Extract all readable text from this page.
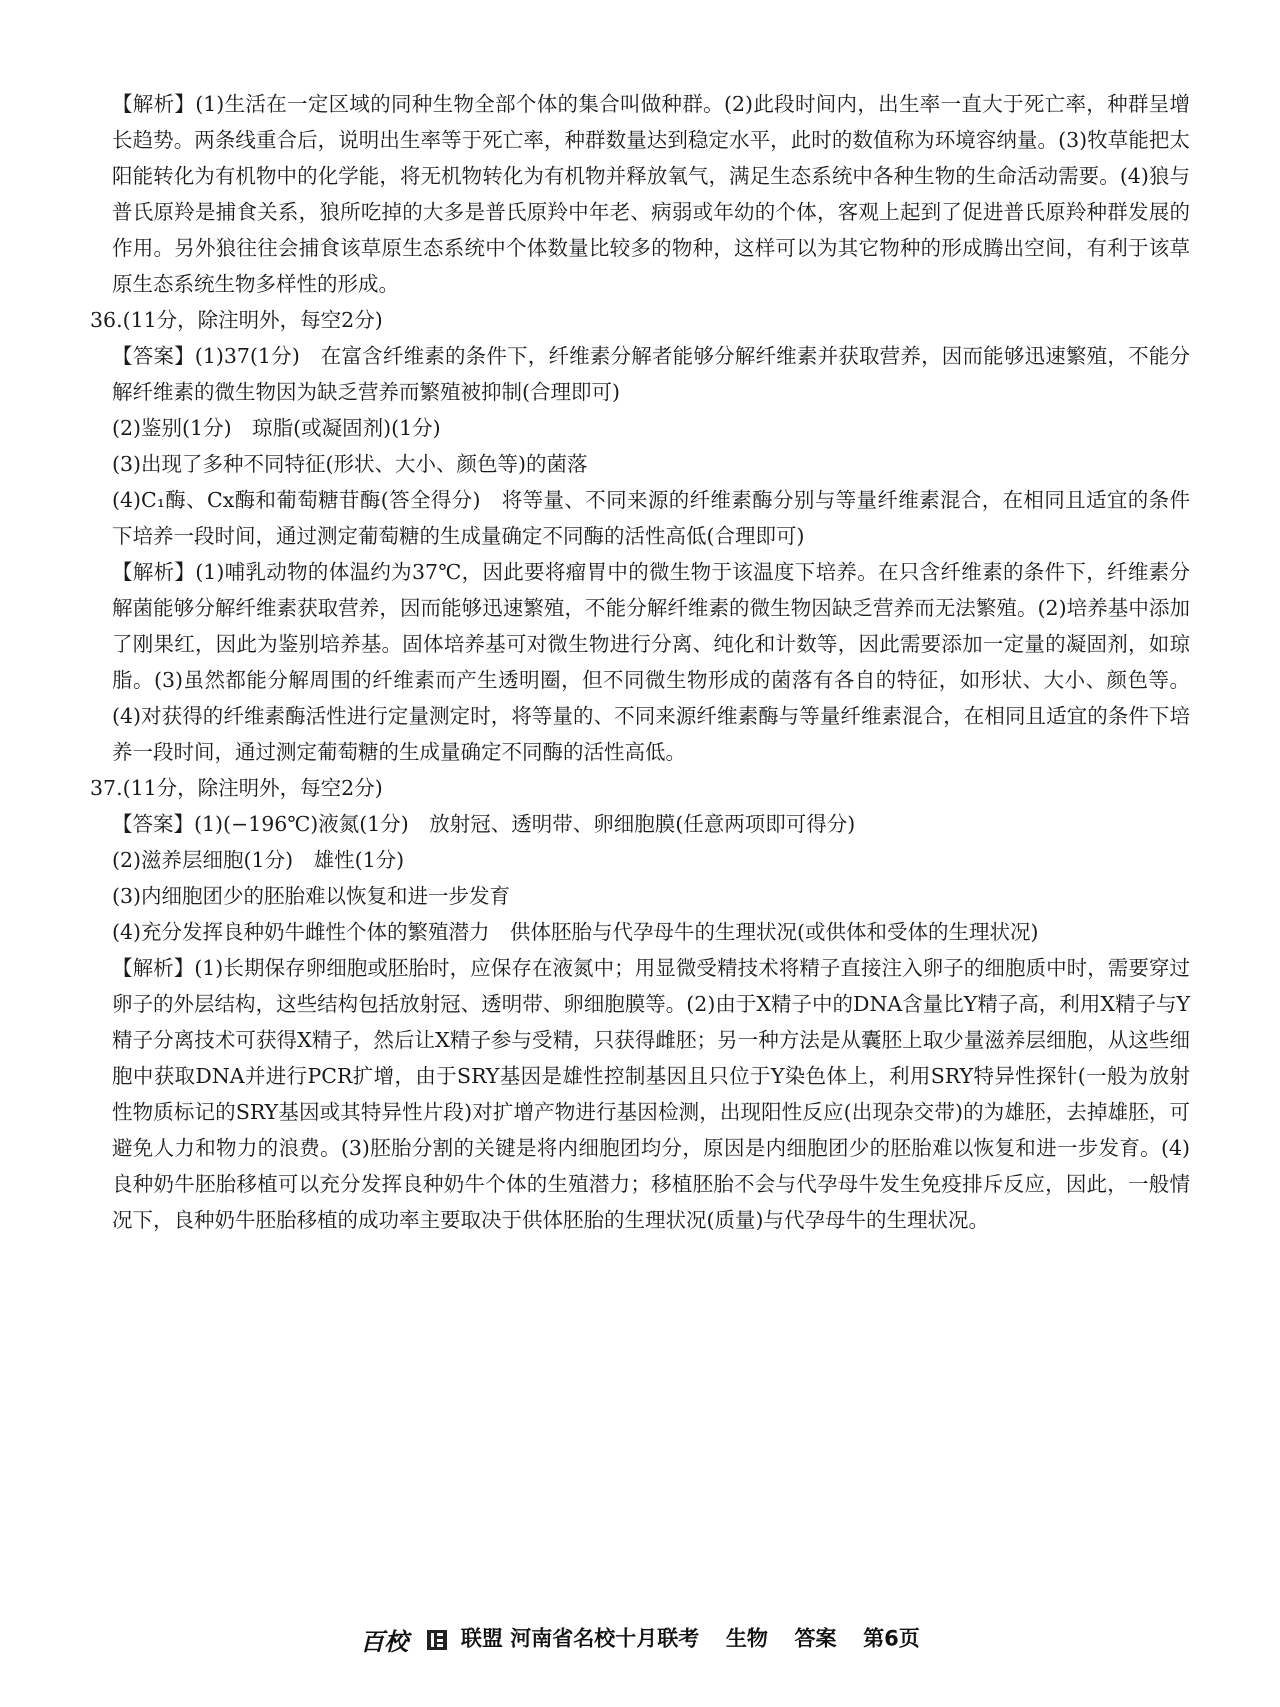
【解析】(1)生活在一定区域的同种生物全部个体的集合叫做种群。(2)此段时间内，出生率一直大于死亡率，种群呈增长趋势。两条线重合后，说明出生率等于死亡率，种群数量达到稳定水平，此时的数值称为环境容纳量。(3)牧草能把太阳能转化为有机物中的化学能，将无机物转化为有机物并释放氧气，满足生态系统中各种生物的生命活动需要。(4)狼与普氏原羚是捕食关系，狼所吃掉的大多是普氏原羚中年老、病弱或年幼的个体，客观上起到了促进普氏原羚种群发展的作用。另外狼往往会捕食该草原生态系统中个体数量比较多的物种，这样可以为其它物种的形成腾出空间，有利于该草原生态系统生物多样性的形成。

36.(11分，除注明外，每空2分)

【答案】(1)37(1分)　在富含纤维素的条件下，纤维素分解者能够分解纤维素并获取营养，因而能够迅速繁殖，不能分解纤维素的微生物因为缺乏营养而繁殖被抑制(合理即可)

(2)鉴别(1分)　琼脂(或凝固剂)(1分)

(3)出现了多种不同特征(形状、大小、颜色等)的菌落

(4)C₁酶、Cx酶和葡萄糖苷酶(答全得分)　将等量、不同来源的纤维素酶分别与等量纤维素混合，在相同且适宜的条件下培养一段时间，通过测定葡萄糖的生成量确定不同酶的活性高低(合理即可)

【解析】(1)哺乳动物的体温约为37℃，因此要将瘤胃中的微生物于该温度下培养。在只含纤维素的条件下，纤维素分解菌能够分解纤维素获取营养，因而能够迅速繁殖，不能分解纤维素的微生物因缺乏营养而无法繁殖。(2)培养基中添加了刚果红，因此为鉴别培养基。固体培养基可对微生物进行分离、纯化和计数等，因此需要添加一定量的凝固剂，如琼脂。(3)虽然都能分解周围的纤维素而产生透明圈，但不同微生物形成的菌落有各自的特征，如形状、大小、颜色等。(4)对获得的纤维素酶活性进行定量测定时，将等量的、不同来源纤维素酶与等量纤维素混合，在相同且适宜的条件下培养一段时间，通过测定葡萄糖的生成量确定不同酶的活性高低。

37.(11分，除注明外，每空2分)

【答案】(1)(−196℃)液氮(1分)　放射冠、透明带、卵细胞膜(任意两项即可得分)

(2)滋养层细胞(1分)　雄性(1分)

(3)内细胞团少的胚胎难以恢复和进一步发育

(4)充分发挥良种奶牛雌性个体的繁殖潜力　供体胚胎与代孕母牛的生理状况(或供体和受体的生理状况)

【解析】(1)长期保存卵细胞或胚胎时，应保存在液氮中；用显微受精技术将精子直接注入卵子的细胞质中时，需要穿过卵子的外层结构，这些结构包括放射冠、透明带、卵细胞膜等。(2)由于X精子中的DNA含量比Y精子高，利用X精子与Y精子分离技术可获得X精子，然后让X精子参与受精，只获得雌胚；另一种方法是从囊胚上取少量滋养层细胞，从这些细胞中获取DNA并进行PCR扩增，由于SRY基因是雄性控制基因且只位于Y染色体上，利用SRY特异性探针(一般为放射性物质标记的SRY基因或其特异性片段)对扩增产物进行基因检测，出现阳性反应(出现杂交带)的为雄胚，去掉雄胚，可避免人力和物力的浪费。(3)胚胎分割的关键是将内细胞团均分，原因是内细胞团少的胚胎难以恢复和进一步发育。(4)良种奶牛胚胎移植可以充分发挥良种奶牛个体的生殖潜力；移植胚胎不会与代孕母牛发生免疫排斥反应，因此，一般情况下，良种奶牛胚胎移植的成功率主要取决于供体胚胎的生理状况(质量)与代孕母牛的生理状况。

百校	联盟 河南省名校十月联考 生物 答案 第6页
